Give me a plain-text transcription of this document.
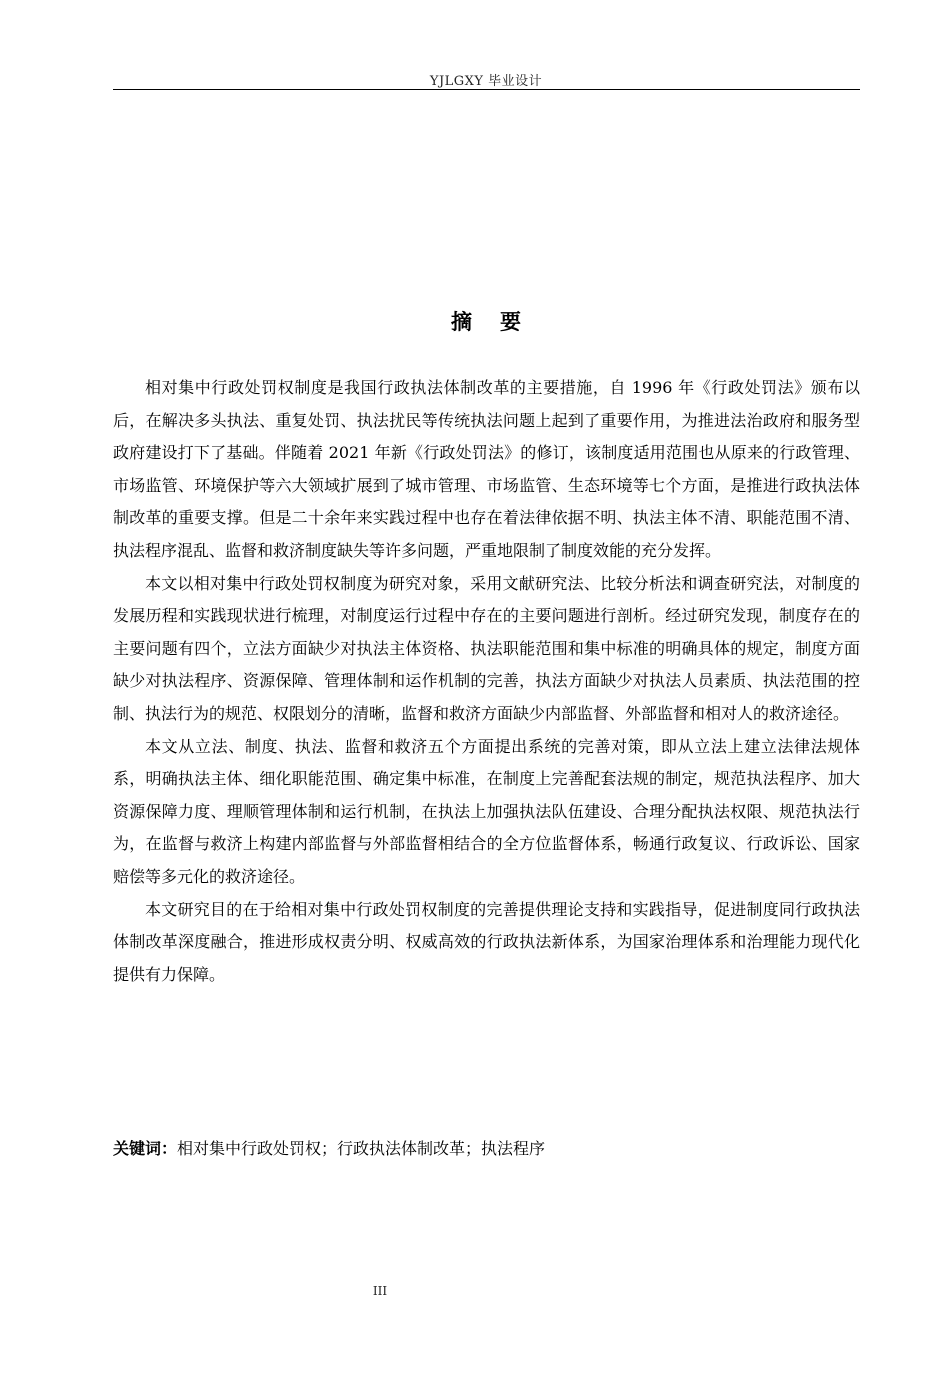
YJLGXY 毕业设计
摘要

相对集中行政处罚权制度是我国行政执法体制改革的主要措施，自 1996 年《行政处罚法》颁布以后，在解决多头执法、重复处罚、执法扰民等传统执法问题上起到了重要作用，为推进法治政府和服务型政府建设打下了基础。伴随着 2021 年新《行政处罚法》的修订，该制度适用范围也从原来的行政管理、市场监管、环境保护等六大领域扩展到了城市管理、市场监管、生态环境等七个方面，是推进行政执法体制改革的重要支撑。但是二十余年来实践过程中也存在着法律依据不明、执法主体不清、职能范围不清、执法程序混乱、监督和救济制度缺失等许多问题，严重地限制了制度效能的充分发挥。

本文以相对集中行政处罚权制度为研究对象，采用文献研究法、比较分析法和调查研究法，对制度的发展历程和实践现状进行梳理，对制度运行过程中存在的主要问题进行剖析。经过研究发现，制度存在的主要问题有四个，立法方面缺少对执法主体资格、执法职能范围和集中标准的明确具体的规定，制度方面缺少对执法程序、资源保障、管理体制和运作机制的完善，执法方面缺少对执法人员素质、执法范围的控制、执法行为的规范、权限划分的清晰，监督和救济方面缺少内部监督、外部监督和相对人的救济途径。

本文从立法、制度、执法、监督和救济五个方面提出系统的完善对策，即从立法上建立法律法规体系，明确执法主体、细化职能范围、确定集中标准，在制度上完善配套法规的制定，规范执法程序、加大资源保障力度、理顺管理体制和运行机制，在执法上加强执法队伍建设、合理分配执法权限、规范执法行为，在监督与救济上构建内部监督与外部监督相结合的全方位监督体系，畅通行政复议、行政诉讼、国家赔偿等多元化的救济途径。

本文研究目的在于给相对集中行政处罚权制度的完善提供理论支持和实践指导，促进制度同行政执法体制改革深度融合，推进形成权责分明、权威高效的行政执法新体系，为国家治理体系和治理能力现代化提供有力保障。

关键词：相对集中行政处罚权；行政执法体制改革；执法程序
III
